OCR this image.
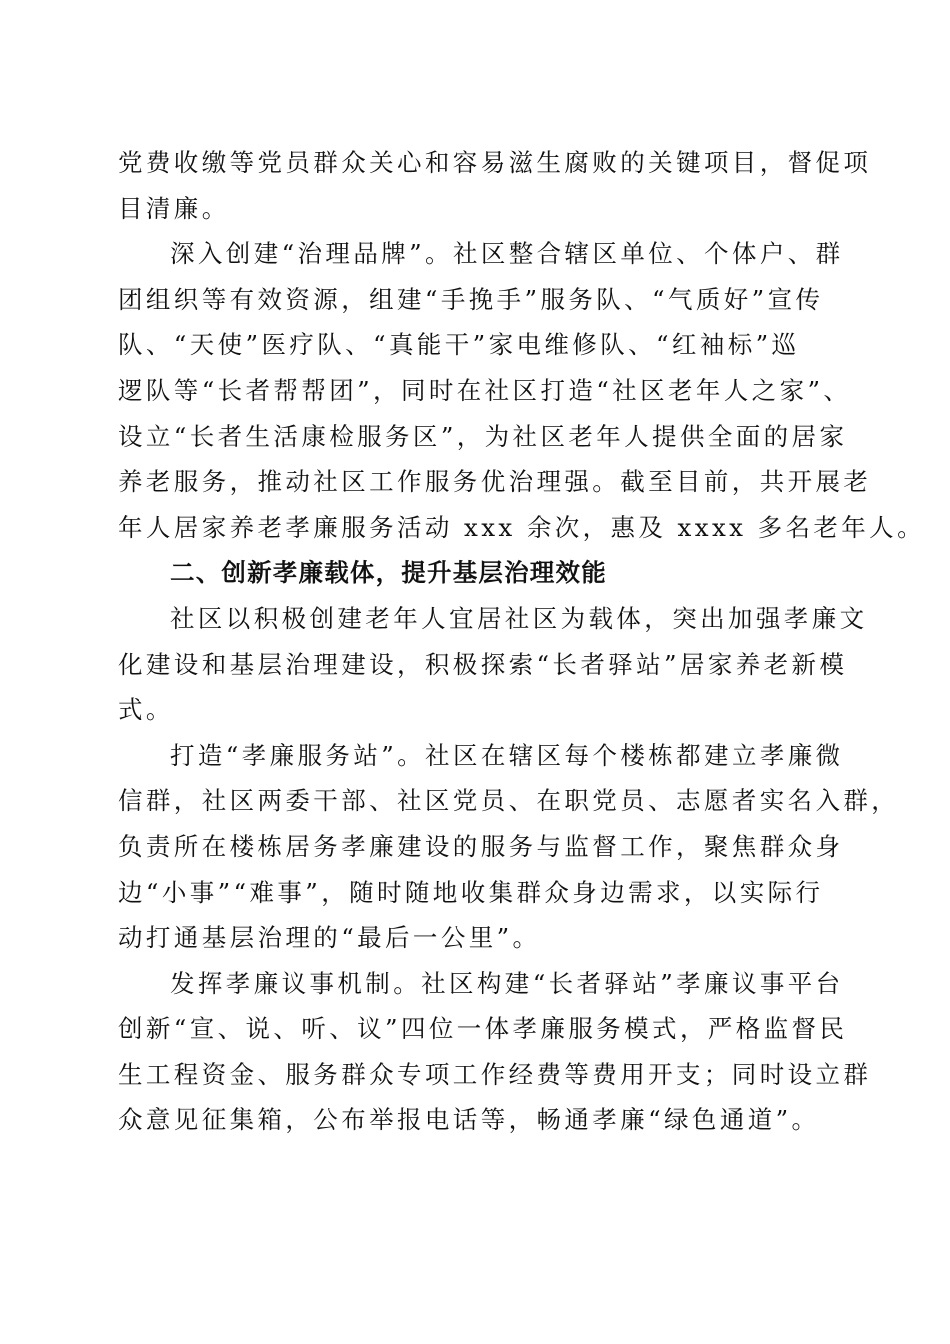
党费收缴等党员群众关心和容易滋生腐败的关键项目，督促项
目清廉。
深入创建“治理品牌”。社区整合辖区单位、个体户、群
团组织等有效资源，组建“手挽手”服务队、“气质好”宣传
队、“天使”医疗队、“真能干”家电维修队、“红袖标”巡
逻队等“长者帮帮团”，同时在社区打造“社区老年人之家”、
设立“长者生活康检服务区”，为社区老年人提供全面的居家
养老服务，推动社区工作服务优治理强。截至目前，共开展老
年人居家养老孝廉服务活动 xxx 余次，惠及 xxxx 多名老年人。
二、创新孝廉载体，提升基层治理效能
社区以积极创建老年人宜居社区为载体，突出加强孝廉文
化建设和基层治理建设，积极探索“长者驿站”居家养老新模
式。
打造“孝廉服务站”。社区在辖区每个楼栋都建立孝廉微
信群，社区两委干部、社区党员、在职党员、志愿者实名入群，
负责所在楼栋居务孝廉建设的服务与监督工作，聚焦群众身
边“小事”“难事”，随时随地收集群众身边需求，以实际行
动打通基层治理的“最后一公里”。
发挥孝廉议事机制。社区构建“长者驿站”孝廉议事平台
创新“宣、说、听、议”四位一体孝廉服务模式，严格监督民
生工程资金、服务群众专项工作经费等费用开支；同时设立群
众意见征集箱，公布举报电话等，畅通孝廉“绿色通道”。
